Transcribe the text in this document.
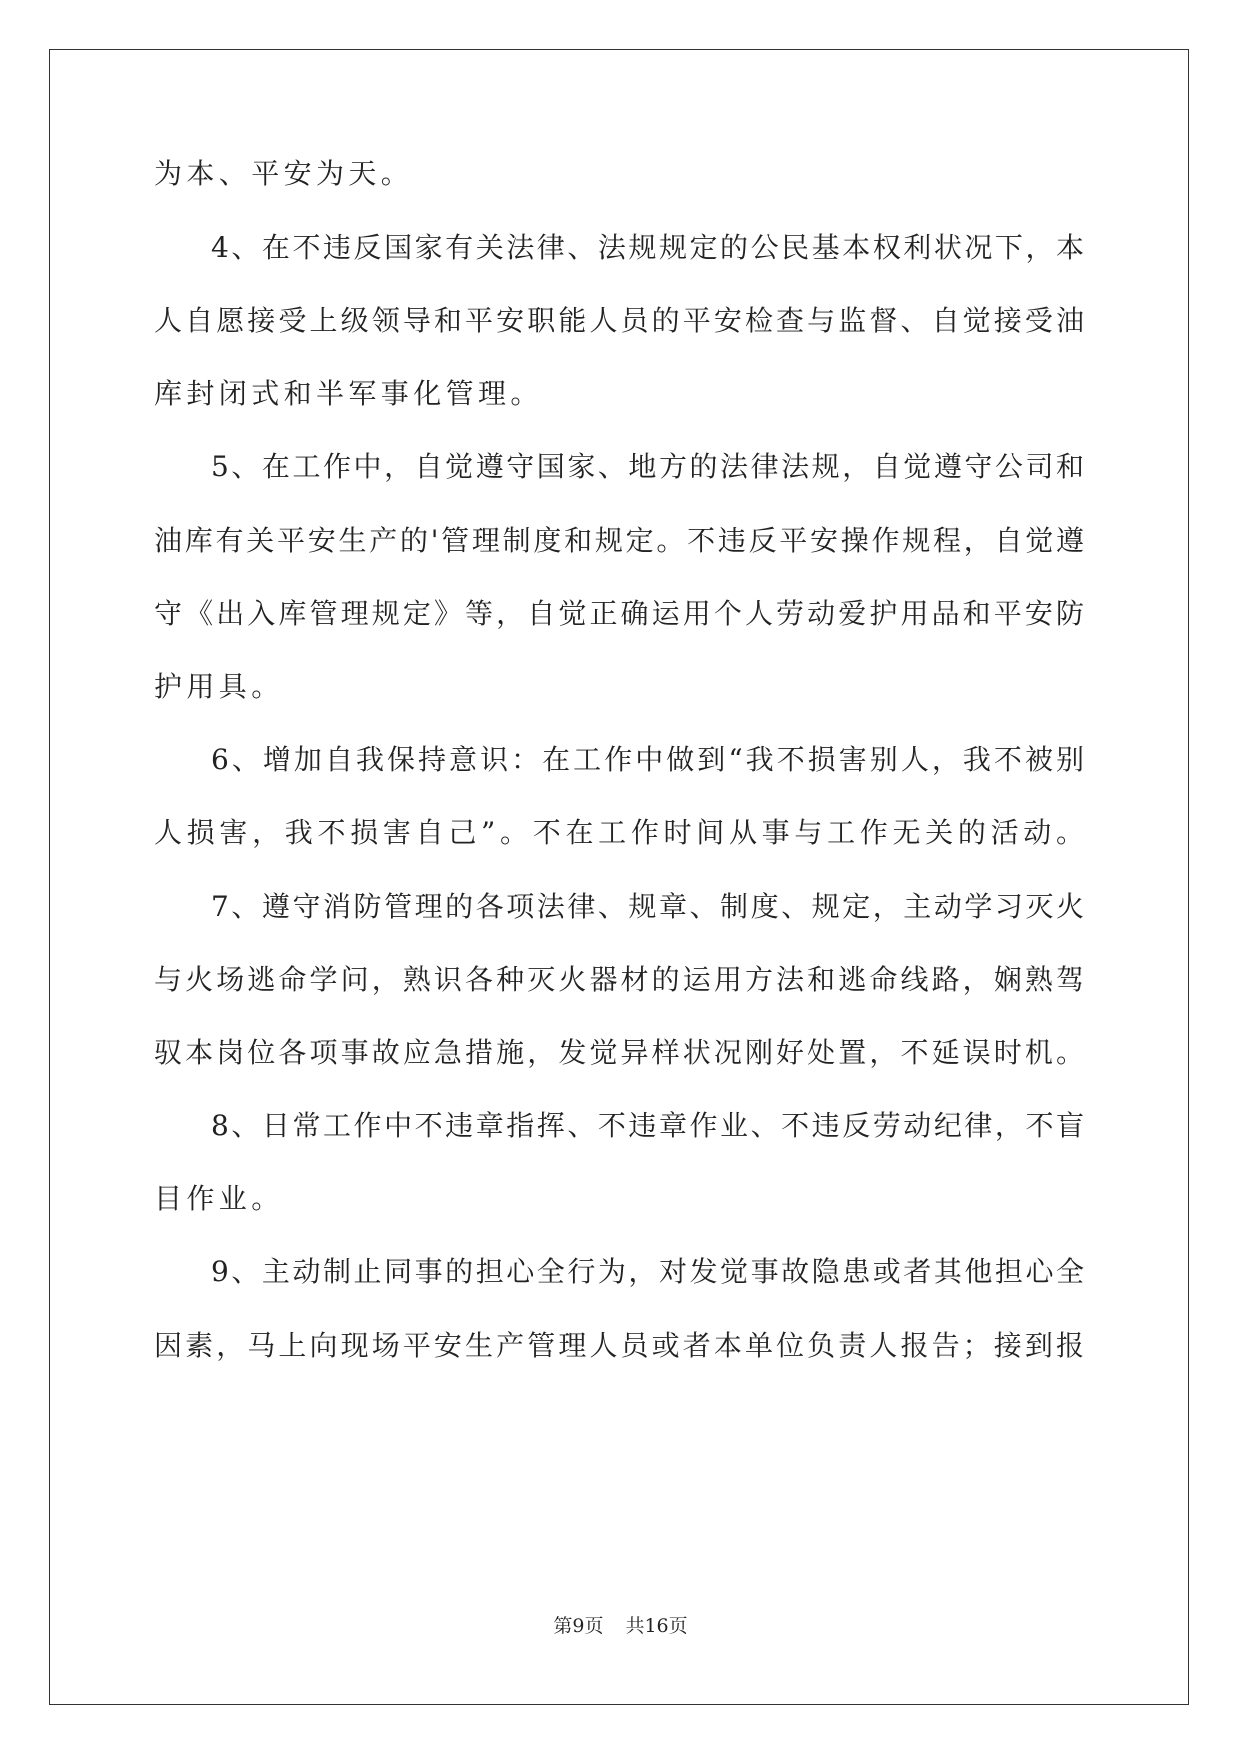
为本、平安为天。
4、在不违反国家有关法律、法规规定的公民基本权利状况下，本
人自愿接受上级领导和平安职能人员的平安检查与监督、自觉接受油
库封闭式和半军事化管理。
5、在工作中，自觉遵守国家、地方的法律法规，自觉遵守公司和
油库有关平安生产的'管理制度和规定。不违反平安操作规程，自觉遵
守《出入库管理规定》等，自觉正确运用个人劳动爱护用品和平安防
护用具。
6、增加自我保持意识：在工作中做到“我不损害别人，我不被别
人损害，我不损害自己”。不在工作时间从事与工作无关的活动。
7、遵守消防管理的各项法律、规章、制度、规定，主动学习灭火
与火场逃命学问，熟识各种灭火器材的运用方法和逃命线路，娴熟驾
驭本岗位各项事故应急措施，发觉异样状况刚好处置，不延误时机。
8、日常工作中不违章指挥、不违章作业、不违反劳动纪律，不盲
目作业。
9、主动制止同事的担心全行为，对发觉事故隐患或者其他担心全
因素，马上向现场平安生产管理人员或者本单位负责人报告；接到报
第9页 共16页
